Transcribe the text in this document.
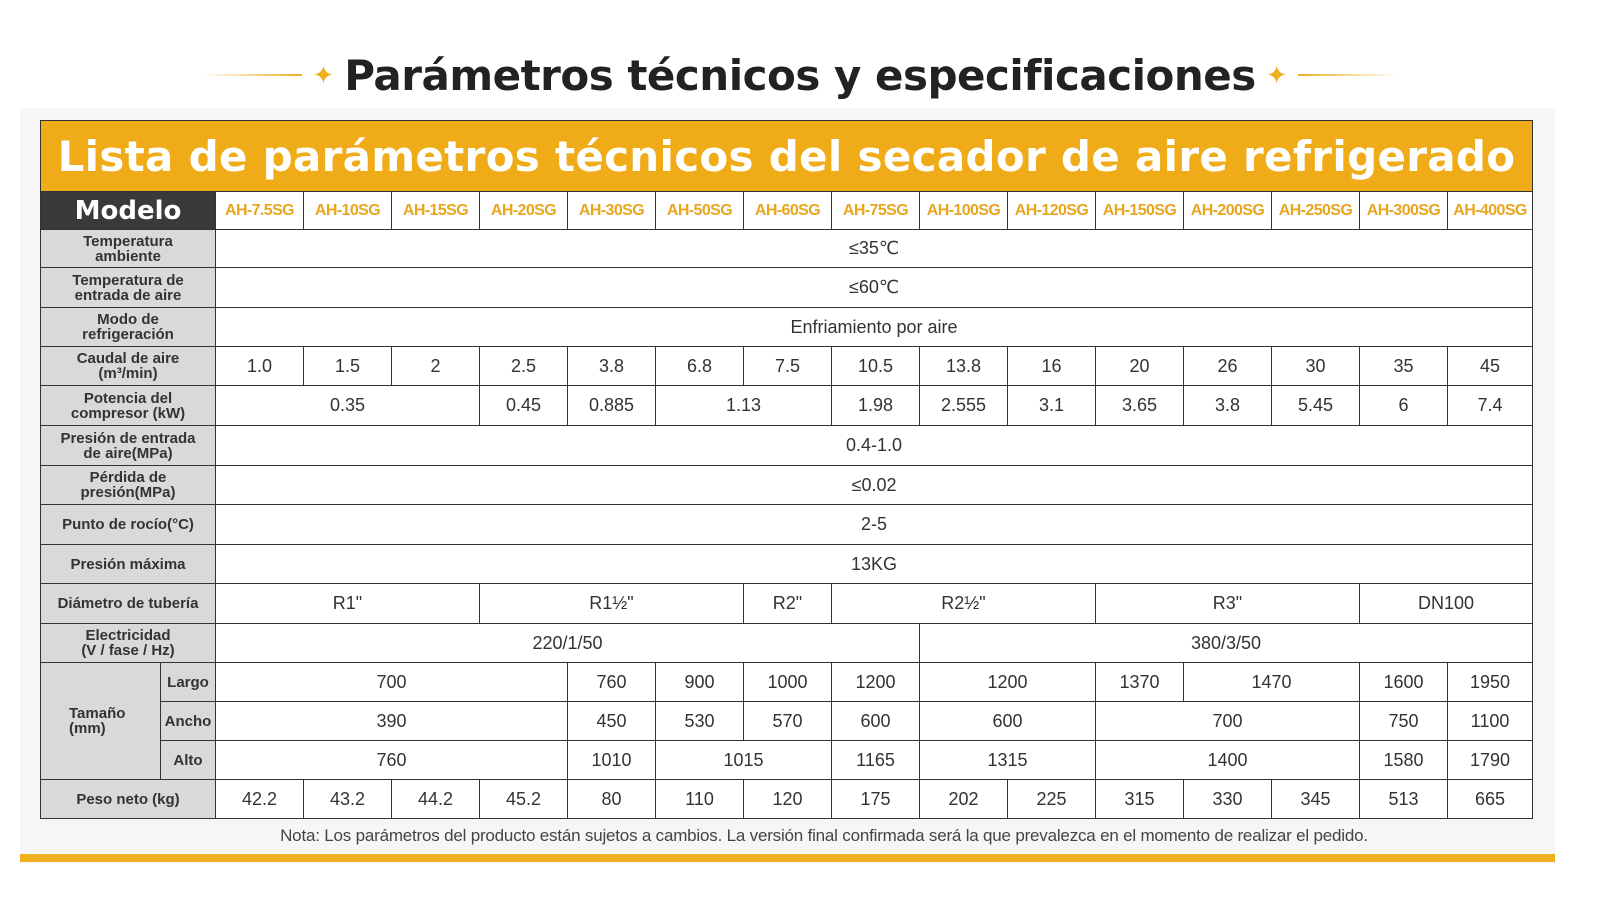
✦ Parámetros técnicos y especificaciones ✦
Lista de parámetros técnicos del secador de aire refrigerado																
Modelo		AH-7.5SG	AH-10SG	AH-15SG	AH-20SG	AH-30SG	AH-50SG	AH-60SG	AH-75SG	AH-100SG	AH-120SG	AH-150SG	AH-200SG	AH-250SG	AH-300SG	AH-400SG
Temperatura
ambiente		≤35℃														
Temperatura de
entrada de aire		≤60℃														
Modo de
refrigeración		Enfriamiento por aire														
Caudal de aire
(m³/min)		1.0	1.5	2	2.5	3.8	6.8	7.5	10.5	13.8	16	20	26	30	35	45
Potencia del
compresor (kW)		0.35			0.45	0.885	1.13		1.98	2.555	3.1	3.65	3.8	5.45	6	7.4
Presión de entrada
de aire(MPa)		0.4-1.0														
Pérdida de
presión(MPa)		≤0.02														
Punto de rocío(°C)		2-5														
Presión máxima		13KG														
Diámetro de tubería		R1"			R1½"			R2"	R2½"			R3"			DN100	
Electricidad
(V / fase / Hz)		220/1/50								380/3/50						
Tamaño
(mm)	Largo	700				760	900	1000	1200	1200		1370	1470		1600	1950
	Ancho	390				450	530	570	600	600		700			750	1100
	Alto	760				1010	1015		1165	1315		1400			1580	1790
Peso neto (kg)		42.2	43.2	44.2	45.2	80	110	120	175	202	225	315	330	345	513	665
Nota: Los parámetros del producto están sujetos a cambios. La versión final confirmada será la que prevalezca en el momento de realizar el pedido.
